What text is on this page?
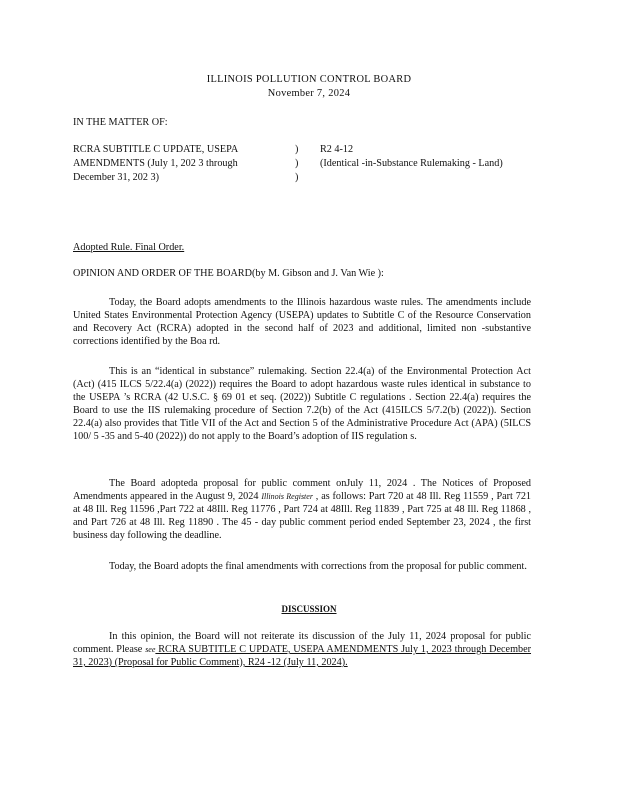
ILLINOIS POLLUTION CONTROL BOARD
November 7, 2024
IN THE MATTER OF:
RCRA SUBTITLE C UPDATE, USEPA	)	R2 4-12
AMENDMENTS (July 1, 202 3 through	)	(Identical -in-Substance Rulemaking - Land)
December 31, 202 3)	)
Adopted Rule. Final Order.
OPINION AND ORDER OF THE BOARD(by M. Gibson and J. Van Wie ):

Today, the Board adopts amendments to the Illinois hazardous waste rules. The amendments include United States Environmental Protection Agency (USEPA) updates to Subtitle C of the Resource Conservation and Recovery Act (RCRA) adopted in the second half of 2023 and additional, limited non -substantive corrections identified by the Boa rd.

This is an “identical in substance” rulemaking. Section 22.4(a) of the Environmental Protection Act (Act) (415 ILCS 5/22.4(a) (2022)) requires the Board to adopt hazardous waste rules identical in substance to the USEPA ’s RCRA (42 U.S.C. § 69 01 et seq. (2022)) Subtitle C regulations . Section 22.4(a) requires the Board to use the IIS rulemaking procedure of Section 7.2(b) of the Act (415ILCS 5/7.2(b) (2022)). Section 22.4(a) also provides that Title VII of the Act and Section 5 of the Administrative Procedure Act (APA) (5ILCS 100/ 5 -35 and 5-40 (2022)) do not apply to the Board’s adoption of IIS regulation s.

The Board adopteda proposal for public comment onJuly 11, 2024 . The Notices of Proposed Amendments appeared in the August 9, 2024 Illinois Register , as follows: Part 720 at 48 Ill. Reg 11559 , Part 721 at 48 Ill. Reg 11596 ,Part 722 at 48Ill. Reg 11776 , Part 724 at 48Ill. Reg 11839 , Part 725 at 48 Ill. Reg 11868 , and Part 726 at 48 Ill. Reg 11890 . The 45 - day public comment period ended September 23, 2024 , the first business day following the deadline.

Today, the Board adopts the final amendments with corrections from the proposal for public comment.

DISCUSSION

In this opinion, the Board will not reiterate its discussion of the July 11, 2024 proposal for public comment. Please see RCRA SUBTITLE C UPDATE, USEPA AMENDMENTS July 1, 2023 through December 31, 2023) (Proposal for Public Comment), R24 -12 (July 11, 2024).
